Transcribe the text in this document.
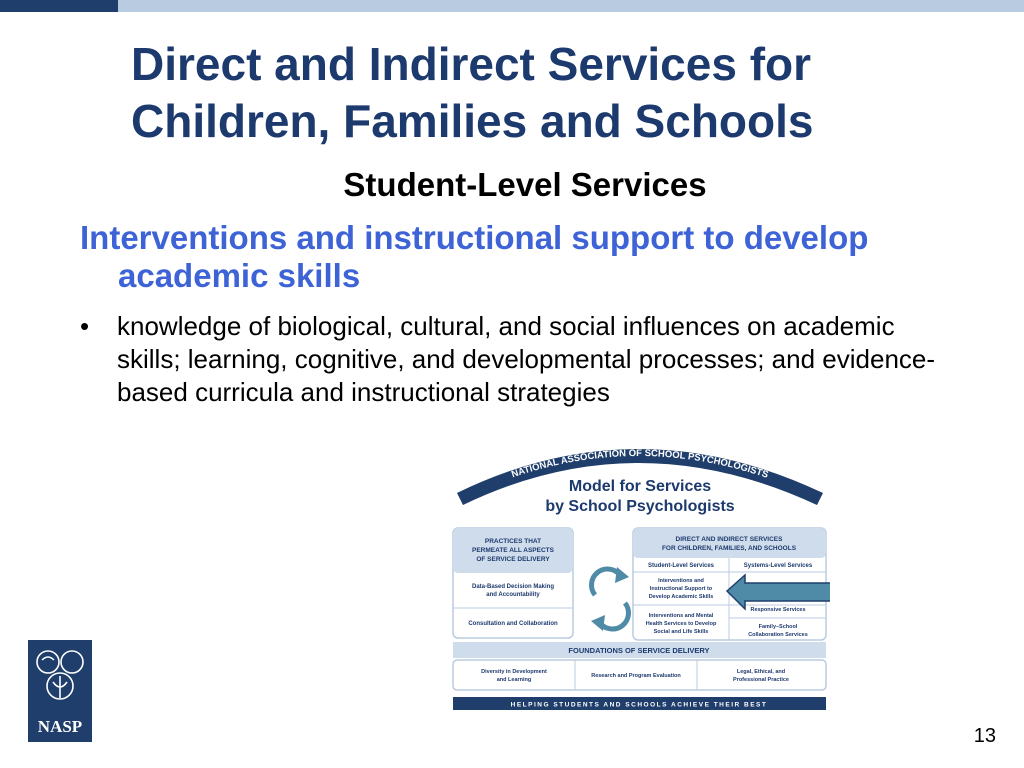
Direct and Indirect Services for
Children, Families and Schools
Student-Level Services
Interventions and instructional support to develop academic skills
• knowledge of biological, cultural, and social influences on academic skills; learning, cognitive, and developmental processes; and evidence-based curricula and instructional strategies
NATIONAL ASSOCIATION OF SCHOOL PSYCHOLOGISTS
Model for Services
by School Psychologists
PRACTICES THAT
PERMEATE ALL ASPECTS
OF SERVICE DELIVERY
Data-Based Decision Making
and Accountability
Consultation and Collaboration
DIRECT AND INDIRECT SERVICES
FOR CHILDREN, FAMILIES, AND SCHOOLS
Student-Level Services	Systems-Level Services
Interventions and
Instructional Support to
Develop Academic Skills
Interventions and Mental
Health Services to Develop
Social and Life Skills
Responsive Services
Family–School
Collaboration Services
FOUNDATIONS OF SERVICE DELIVERY
Diversity in Development
and Learning
Research and Program Evaluation
Legal, Ethical, and
Professional Practice
HELPING STUDENTS AND SCHOOLS ACHIEVE THEIR BEST
NASP	13
